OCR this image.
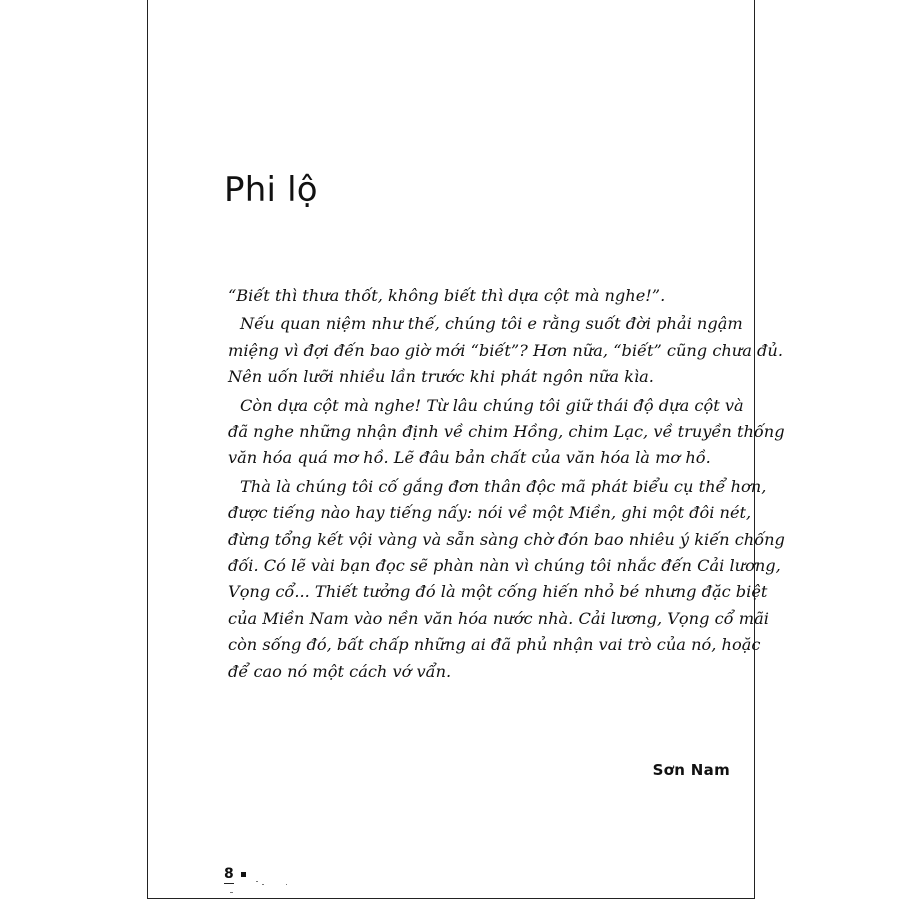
Phi lộ

“Biết thì thưa thốt, không biết thì dựa cột mà nghe!”.

Nếu quan niệm như thế, chúng tôi e rằng suốt đời phải ngậm
miệng vì đợi đến bao giờ mới “biết”? Hơn nữa, “biết” cũng chưa đủ.
Nên uốn lưỡi nhiều lần trước khi phát ngôn nữa kìa.

Còn dựa cột mà nghe! Từ lâu chúng tôi giữ thái độ dựa cột và
đã nghe những nhận định về chim Hồng, chim Lạc, về truyền thống
văn hóa quá mơ hồ. Lẽ đâu bản chất của văn hóa là mơ hồ.

Thà là chúng tôi cố gắng đơn thân độc mã phát biểu cụ thể hơn,
được tiếng nào hay tiếng nấy: nói về một Miền, ghi một đôi nét,
đừng tổng kết vội vàng và sẵn sàng chờ đón bao nhiêu ý kiến chống
đối. Có lẽ vài bạn đọc sẽ phàn nàn vì chúng tôi nhắc đến Cải lương,
Vọng cổ... Thiết tưởng đó là một cống hiến nhỏ bé nhưng đặc biệt
của Miền Nam vào nền văn hóa nước nhà. Cải lương, Vọng cổ mãi
còn sống đó, bất chấp những ai đã phủ nhận vai trò của nó, hoặc
để cao nó một cách vớ vẩn.

Sơn Nam
8
